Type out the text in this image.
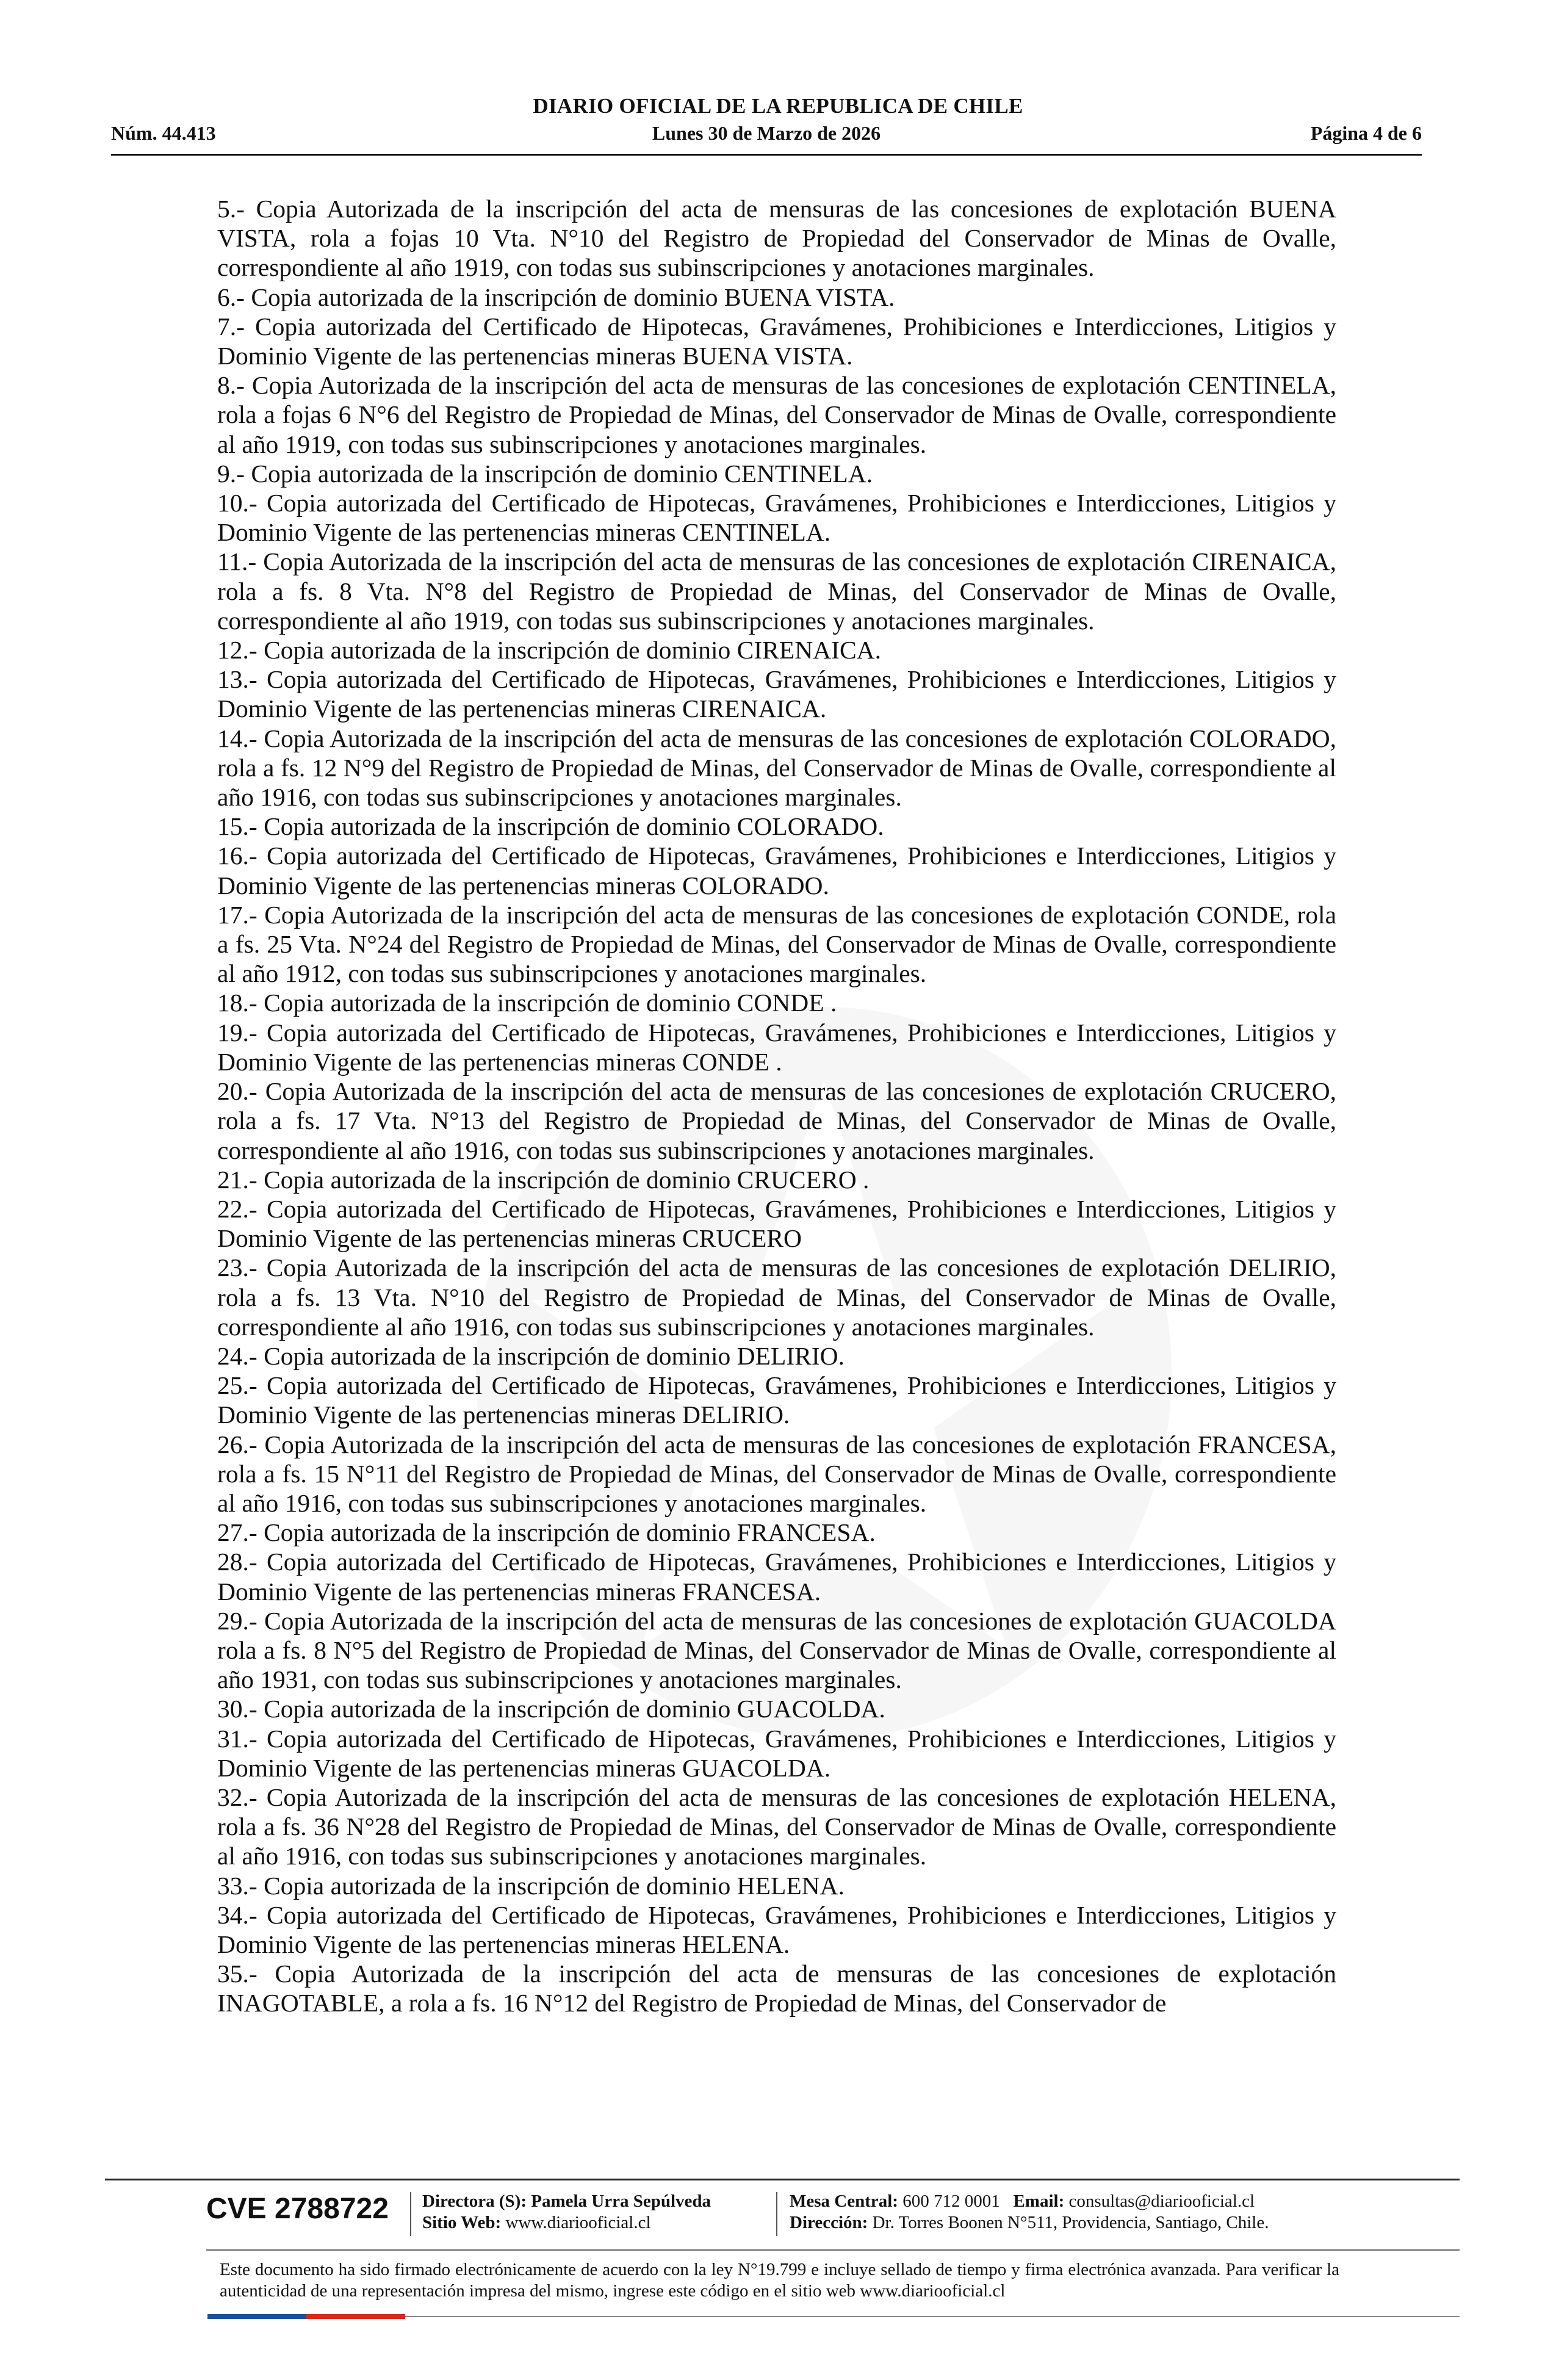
DIARIO OFICIAL DE LA REPUBLICA DE CHILE
Núm. 44.413	Lunes 30 de Marzo de 2026	Página 4 de 6

5.- Copia Autorizada de la inscripción del acta de mensuras de las concesiones de explotación BUENA VISTA, rola a fojas 10 Vta. N°10 del Registro de Propiedad del Conservador de Minas de Ovalle, correspondiente al año 1919, con todas sus subinscripciones y anotaciones marginales.

6.- Copia autorizada de la inscripción de dominio BUENA VISTA.

7.- Copia autorizada del Certificado de Hipotecas, Gravámenes, Prohibiciones e Interdicciones, Litigios y Dominio Vigente de las pertenencias mineras BUENA VISTA.

8.- Copia Autorizada de la inscripción del acta de mensuras de las concesiones de explotación CENTINELA, rola a fojas 6 N°6 del Registro de Propiedad de Minas, del Conservador de Minas de Ovalle, correspondiente al año 1919, con todas sus subinscripciones y anotaciones marginales.

9.- Copia autorizada de la inscripción de dominio CENTINELA.

10.- Copia autorizada del Certificado de Hipotecas, Gravámenes, Prohibiciones e Interdicciones, Litigios y Dominio Vigente de las pertenencias mineras CENTINELA.

11.- Copia Autorizada de la inscripción del acta de mensuras de las concesiones de explotación CIRENAICA, rola a fs. 8 Vta. N°8 del Registro de Propiedad de Minas, del Conservador de Minas de Ovalle, correspondiente al año 1919, con todas sus subinscripciones y anotaciones marginales.

12.- Copia autorizada de la inscripción de dominio CIRENAICA.

13.- Copia autorizada del Certificado de Hipotecas, Gravámenes, Prohibiciones e Interdicciones, Litigios y Dominio Vigente de las pertenencias mineras CIRENAICA.

14.- Copia Autorizada de la inscripción del acta de mensuras de las concesiones de explotación COLORADO, rola a fs. 12 N°9 del Registro de Propiedad de Minas, del Conservador de Minas de Ovalle, correspondiente al año 1916, con todas sus subinscripciones y anotaciones marginales.

15.- Copia autorizada de la inscripción de dominio COLORADO.

16.- Copia autorizada del Certificado de Hipotecas, Gravámenes, Prohibiciones e Interdicciones, Litigios y Dominio Vigente de las pertenencias mineras COLORADO.

17.- Copia Autorizada de la inscripción del acta de mensuras de las concesiones de explotación CONDE, rola a fs. 25 Vta. N°24 del Registro de Propiedad de Minas, del Conservador de Minas de Ovalle, correspondiente al año 1912, con todas sus subinscripciones y anotaciones marginales.

18.- Copia autorizada de la inscripción de dominio CONDE .

19.- Copia autorizada del Certificado de Hipotecas, Gravámenes, Prohibiciones e Interdicciones, Litigios y Dominio Vigente de las pertenencias mineras CONDE .

20.- Copia Autorizada de la inscripción del acta de mensuras de las concesiones de explotación CRUCERO, rola a fs. 17 Vta. N°13 del Registro de Propiedad de Minas, del Conservador de Minas de Ovalle, correspondiente al año 1916, con todas sus subinscripciones y anotaciones marginales.

21.- Copia autorizada de la inscripción de dominio CRUCERO .

22.- Copia autorizada del Certificado de Hipotecas, Gravámenes, Prohibiciones e Interdicciones, Litigios y Dominio Vigente de las pertenencias mineras CRUCERO

23.- Copia Autorizada de la inscripción del acta de mensuras de las concesiones de explotación DELIRIO, rola a fs. 13 Vta. N°10 del Registro de Propiedad de Minas, del Conservador de Minas de Ovalle, correspondiente al año 1916, con todas sus subinscripciones y anotaciones marginales.

24.- Copia autorizada de la inscripción de dominio DELIRIO.

25.- Copia autorizada del Certificado de Hipotecas, Gravámenes, Prohibiciones e Interdicciones, Litigios y Dominio Vigente de las pertenencias mineras DELIRIO.

26.- Copia Autorizada de la inscripción del acta de mensuras de las concesiones de explotación FRANCESA, rola a fs. 15 N°11 del Registro de Propiedad de Minas, del Conservador de Minas de Ovalle, correspondiente al año 1916, con todas sus subinscripciones y anotaciones marginales.

27.- Copia autorizada de la inscripción de dominio FRANCESA.

28.- Copia autorizada del Certificado de Hipotecas, Gravámenes, Prohibiciones e Interdicciones, Litigios y Dominio Vigente de las pertenencias mineras FRANCESA.

29.- Copia Autorizada de la inscripción del acta de mensuras de las concesiones de explotación GUACOLDA rola a fs. 8 N°5 del Registro de Propiedad de Minas, del Conservador de Minas de Ovalle, correspondiente al año 1931, con todas sus subinscripciones y anotaciones marginales.

30.- Copia autorizada de la inscripción de dominio GUACOLDA.

31.- Copia autorizada del Certificado de Hipotecas, Gravámenes, Prohibiciones e Interdicciones, Litigios y Dominio Vigente de las pertenencias mineras GUACOLDA.

32.- Copia Autorizada de la inscripción del acta de mensuras de las concesiones de explotación HELENA, rola a fs. 36 N°28 del Registro de Propiedad de Minas, del Conservador de Minas de Ovalle, correspondiente al año 1916, con todas sus subinscripciones y anotaciones marginales.

33.- Copia autorizada de la inscripción de dominio HELENA.

34.- Copia autorizada del Certificado de Hipotecas, Gravámenes, Prohibiciones e Interdicciones, Litigios y Dominio Vigente de las pertenencias mineras HELENA.

35.- Copia Autorizada de la inscripción del acta de mensuras de las concesiones de explotación INAGOTABLE, a rola a fs. 16 N°12 del Registro de Propiedad de Minas, del Conservador de

CVE 2788722	Directora (S): Pamela Urra Sepúlveda
Sitio Web: www.diariooficial.cl
Mesa Central: 600 712 0001 Email: consultas@diariooficial.cl
Dirección: Dr. Torres Boonen N°511, Providencia, Santiago, Chile.
Este documento ha sido firmado electrónicamente de acuerdo con la ley N°19.799 e incluye sellado de tiempo y firma electrónica avanzada. Para verificar la autenticidad de una representación impresa del mismo, ingrese este código en el sitio web www.diariooficial.cl
